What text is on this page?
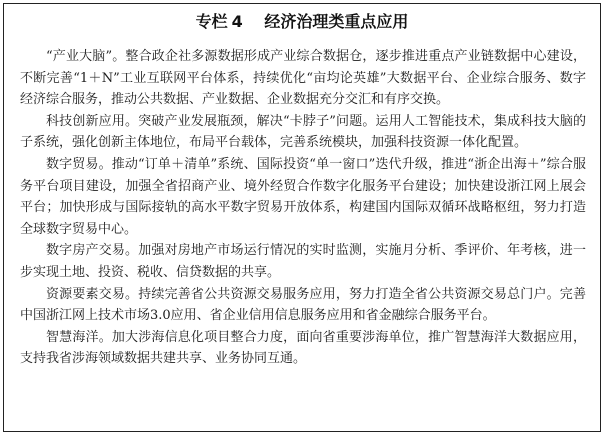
专栏 4 经济治理类重点应用

“产业大脑”。整合政企社多源数据形成产业综合数据仓，逐步推进重点产业链数据中心建设，不断完善“1＋N”工业互联网平台体系，持续优化“亩均论英雄”大数据平台、企业综合服务、数字经济综合服务，推动公共数据、产业数据、企业数据充分交汇和有序交换。

科技创新应用。突破产业发展瓶颈，解决“卡脖子”问题。运用人工智能技术，集成科技大脑的子系统，强化创新主体地位，布局平台载体，完善系统模块，加强科技资源一体化配置。

数字贸易。推动“订单＋清单”系统、国际投资“单一窗口”迭代升级，推进“浙企出海＋”综合服务平台项目建设，加强全省招商产业、境外经贸合作数字化服务平台建设；加快建设浙江网上展会平台；加快形成与国际接轨的高水平数字贸易开放体系，构建国内国际双循环战略枢纽，努力打造全球数字贸易中心。

数字房产交易。加强对房地产市场运行情况的实时监测，实施月分析、季评价、年考核，进一步实现土地、投资、税收、信贷数据的共享。

资源要素交易。持续完善省公共资源交易服务应用，努力打造全省公共资源交易总门户。完善中国浙江网上技术市场3.0应用、省企业信用信息服务应用和省金融综合服务平台。

智慧海洋。加大涉海信息化项目整合力度，面向省重要涉海单位，推广智慧海洋大数据应用，支持我省涉海领域数据共建共享、业务协同互通。
